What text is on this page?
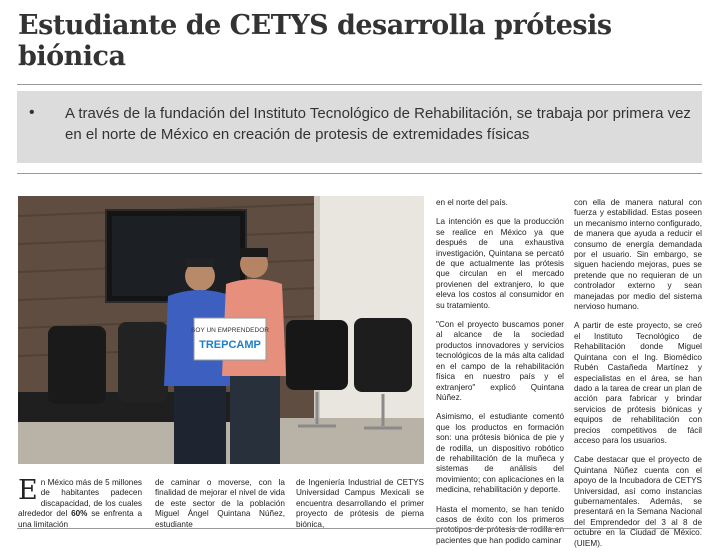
Estudiante de CETYS desarrolla prótesis biónica
• A través de la fundación del Instituto Tecnológico de Rehabilitación, se trabaja por primera vez en el norte de México en creación de protesis de extremidades físicas
SOY UN EMPRENDEDOR
TREPCAMP
En México más de 5 millones de habitantes padecen discapacidad, de los cuales alrededor del 60% se enfrenta a una limitación
de caminar o moverse, con la finalidad de mejorar el nivel de vida de este sector de la población Miguel Ángel Quintana Núñez, estudiante
de Ingeniería Industrial de CETYS Universidad Campus Mexicali se encuentra desarrollando el primer proyecto de prótesis de pierna biónica,

en el norte del país.

La intención es que la producción se realice en México ya que después de una exhaustiva investigación, Quintana se percató de que actualmente las prótesis que circulan en el mercado provienen del extranjero, lo que eleva los costos al consumidor en su tratamiento.

"Con el proyecto buscamos poner al alcance de la sociedad productos innovadores y servicios tecnológicos de la más alta calidad en el campo de la rehabilitación física en nuestro país y el extranjero" explicó Quintana Núñez.

Asimismo, el estudiante comentó que los productos en formación son: una prótesis biónica de pie y de rodilla, un dispositivo robótico de rehabilitación de la muñeca y sistemas de análisis del movimiento; con aplicaciones en la medicina, rehabilitación y deporte.

Hasta el momento, se han tenido casos de éxito con los primeros prototipos de prótesis de rodilla en pacientes que han podido caminar

con ella de manera natural con fuerza y estabilidad. Estas poseen un mecanismo interno configurado, de manera que ayuda a reducir el consumo de energía demandada por el usuario. Sin embargo, se siguen haciendo mejoras, pues se pretende que no requieran de un controlador externo y sean manejadas por medio del sistema nervioso humano.

A partir de este proyecto, se creó el Instituto Tecnológico de Rehabilitación donde Miguel Quintana con el Ing. Biomédico Rubén Castañeda Martínez y especialistas en el área, se han dado a la tarea de crear un plan de acción para fabricar y brindar servicios de prótesis biónicas y equipos de rehabilitación con precios competitivos de fácil acceso para los usuarios.

Cabe destacar que el proyecto de Quintana Núñez cuenta con el apoyo de la Incubadora de CETYS Universidad, así como instancias gubernamentales. Además, se presentará en la Semana Nacional del Emprendedor del 3 al 8 de octubre en la Ciudad de México. (UIEM).
